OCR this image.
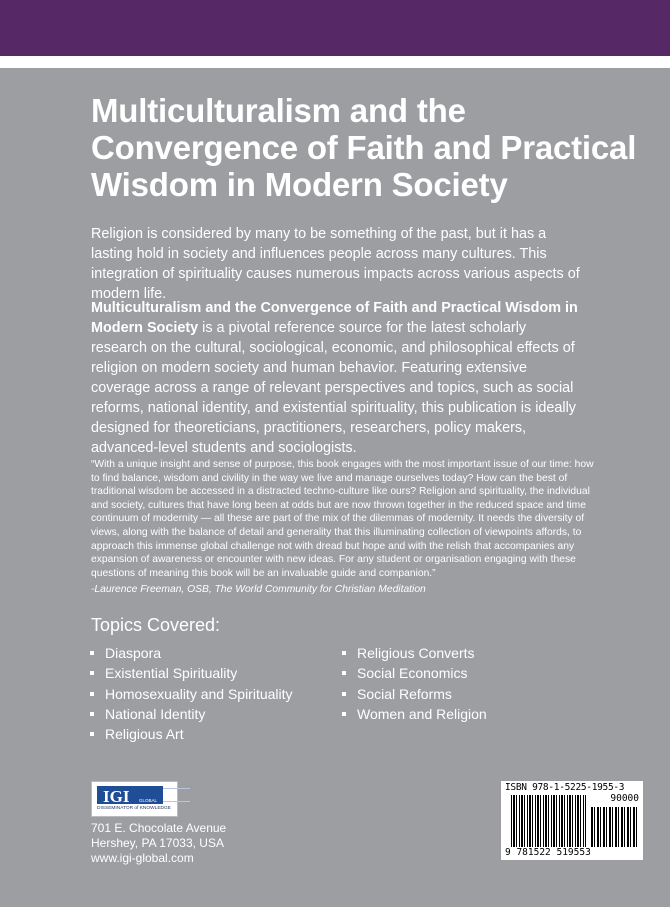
Multiculturalism and the Convergence of Faith and Practical Wisdom in Modern Society

Religion is considered by many to be something of the past, but it has a lasting hold in society and influences people across many cultures. This integration of spirituality causes numerous impacts across various aspects of modern life.

Multiculturalism and the Convergence of Faith and Practical Wisdom in Modern Society is a pivotal reference source for the latest scholarly research on the cultural, sociological, economic, and philosophical effects of religion on modern society and human behavior. Featuring extensive coverage across a range of relevant perspectives and topics, such as social reforms, national identity, and existential spirituality, this publication is ideally designed for theoreticians, practitioners, researchers, policy makers, advanced-level students and sociologists.

“With a unique insight and sense of purpose, this book engages with the most important issue of our time: how to find balance, wisdom and civility in the way we live and manage ourselves today? How can the best of traditional wisdom be accessed in a distracted techno-culture like ours? Religion and spirituality, the individual and society, cultures that have long been at odds but are now thrown together in the reduced space and time continuum of modernity — all these are part of the mix of the dilemmas of modernity. It needs the diversity of views, along with the balance of detail and generality that this illuminating collection of viewpoints affords, to approach this immense global challenge not with dread but hope and with the relish that accompanies any expansion of awareness or encounter with new ideas. For any student or organisation engaging with these questions of meaning this book will be an invaluable guide and companion.”

-Laurence Freeman, OSB, The World Community for Christian Meditation
Topics Covered:
Diaspora
Existential Spirituality
Homosexuality and Spirituality
National Identity
Religious Art
Religious Converts
Social Economics
Social Reforms
Women and Religion
IGI GLOBAL
DISSEMINATOR of KNOWLEDGE
701 E. Chocolate Avenue
Hershey, PA 17033, USA
www.igi-global.com
ISBN 978-1-5225-1955-3
90000
9 781522 519553
